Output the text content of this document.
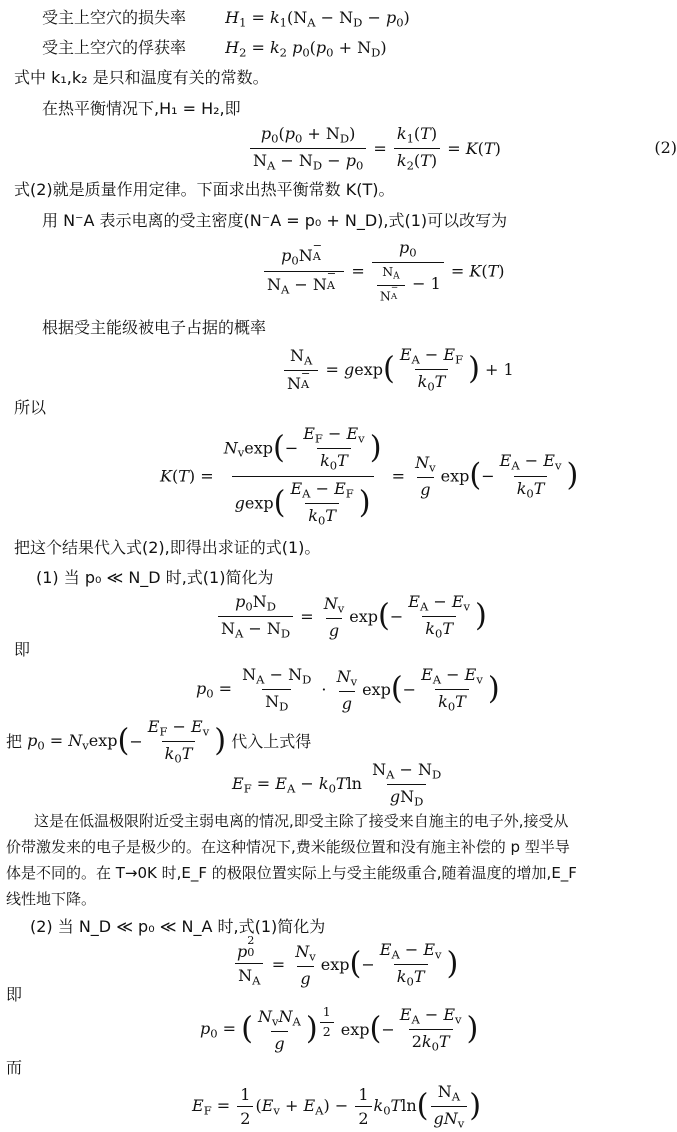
受主上空穴的损失率 $H_1 = k_1(N_A - N_D - p_0)$
受主上空穴的俘获率 $H_2 = k_2$ $p_0(p_0 + N_D)$
式中 k₁,k₂ 是只和温度有关的常数。
在热平衡情况下,H₁ = H₂,即
$\frac{p_0(p_0 + N_D)}{N_A - N_D - p_0} = \frac{k_1(T)}{k_2(T)} = K(T)$	(2)
式(2)就是质量作用定律。下面求出热平衡常数 K(T)。
用 N⁻A 表示电离的受主密度(N⁻A = p₀ + N_D),式(1)可以改写为
$p_0N$
−
A
$N_A - N$
−
$A = p_0$
$N_A$
N
−
A − 1 = K(T)
根据受主能级被电子占据的概率
$N_A$
N
−
$A = gexp( \frac{E_A - E_F}{k_0T}$ ) + 1
所以
$K(T) = \frac{N_v\exp(- \frac{E_F - E_v}{k_0T} )}{gexp( \frac{E_A - E_F}{k_0T} )} = \frac{N_v}{g} \exp(- \frac{E_A - E_v}{k_0T}$ )
把这个结果代入式(2),即得出求证的式(1)。
(1) 当 p₀ ≪ N_D 时,式(1)简化为
$\frac{p_0N_D}{N_A - N_D} = \frac{N_v}{g} \exp(- \frac{E_A - E_v}{k_0T}$ )
即
$p_0 = \frac{N_A - N_D}{N_D} \cdot \frac{N_v}{g} \exp(- \frac{E_A - E_v}{k_0T}$ )
把 $p_0 = N_v\exp(- \frac{E_F - E_v}{k_0T}$ ) 代入上式得
$E_F = E_A - k_0Tln \frac{N_A - N_D}{gN_D}$
这是在低温极限附近受主弱电离的情况,即受主除了接受来自施主的电子外,接受从
价带激发来的电子是极少的。在这种情况下,费米能级位置和没有施主补偿的 p 型半导
体是不同的。在 T→0K 时,E_F 的极限位置实际上与受主能级重合,随着温度的增加,E_F
线性地下降。
(2) 当 N_D ≪ p₀ ≪ N_A 时,式(1)简化为
p
2
0
$N_A = \frac{N_v}{g} \exp(- \frac{E_A - E_v}{k_0T}$ )
即
$p_0$ = ( $\frac{N_vN_A}{g}$ ) $\frac{1}{2} \exp(- \frac{E_A - E_v}{2k_0T}$ )
而
$E_F = \frac{1}{2} (E_v + E_A) - \frac{1}{2} k_0Tln( \frac{N_A}{gN_v}$ )
